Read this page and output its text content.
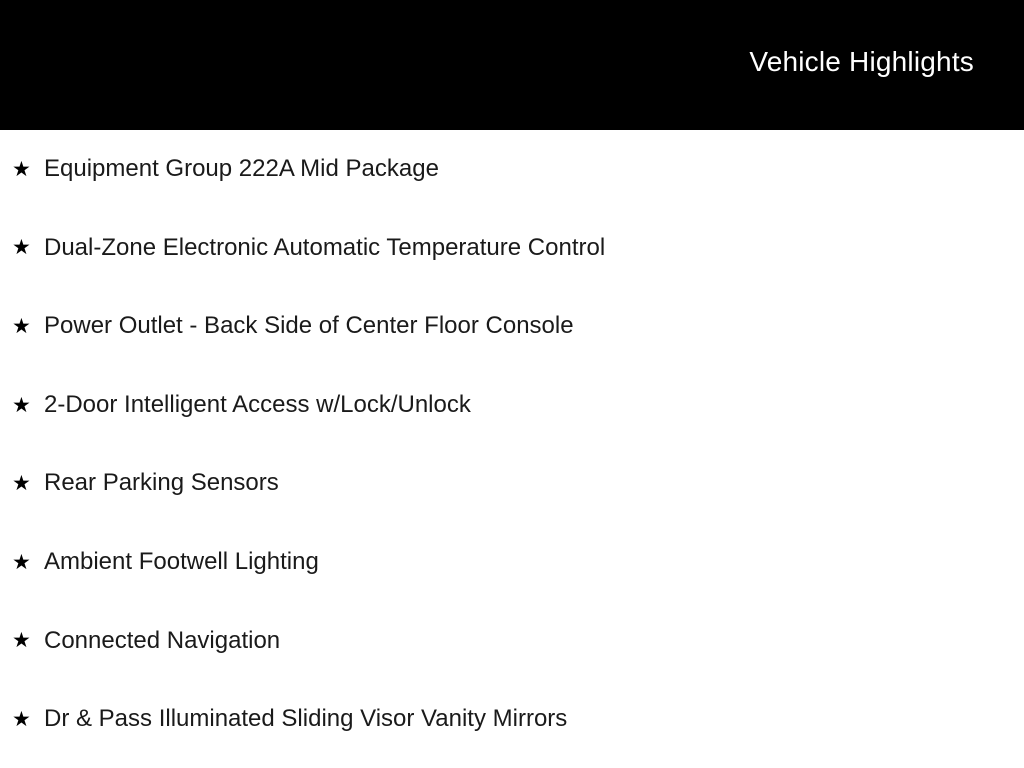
Vehicle Highlights
★ Equipment Group 222A Mid Package
★ Dual-Zone Electronic Automatic Temperature Control
★ Power Outlet - Back Side of Center Floor Console
★ 2-Door Intelligent Access w/Lock/Unlock
★ Rear Parking Sensors
★ Ambient Footwell Lighting
★ Connected Navigation
★ Dr & Pass Illuminated Sliding Visor Vanity Mirrors
